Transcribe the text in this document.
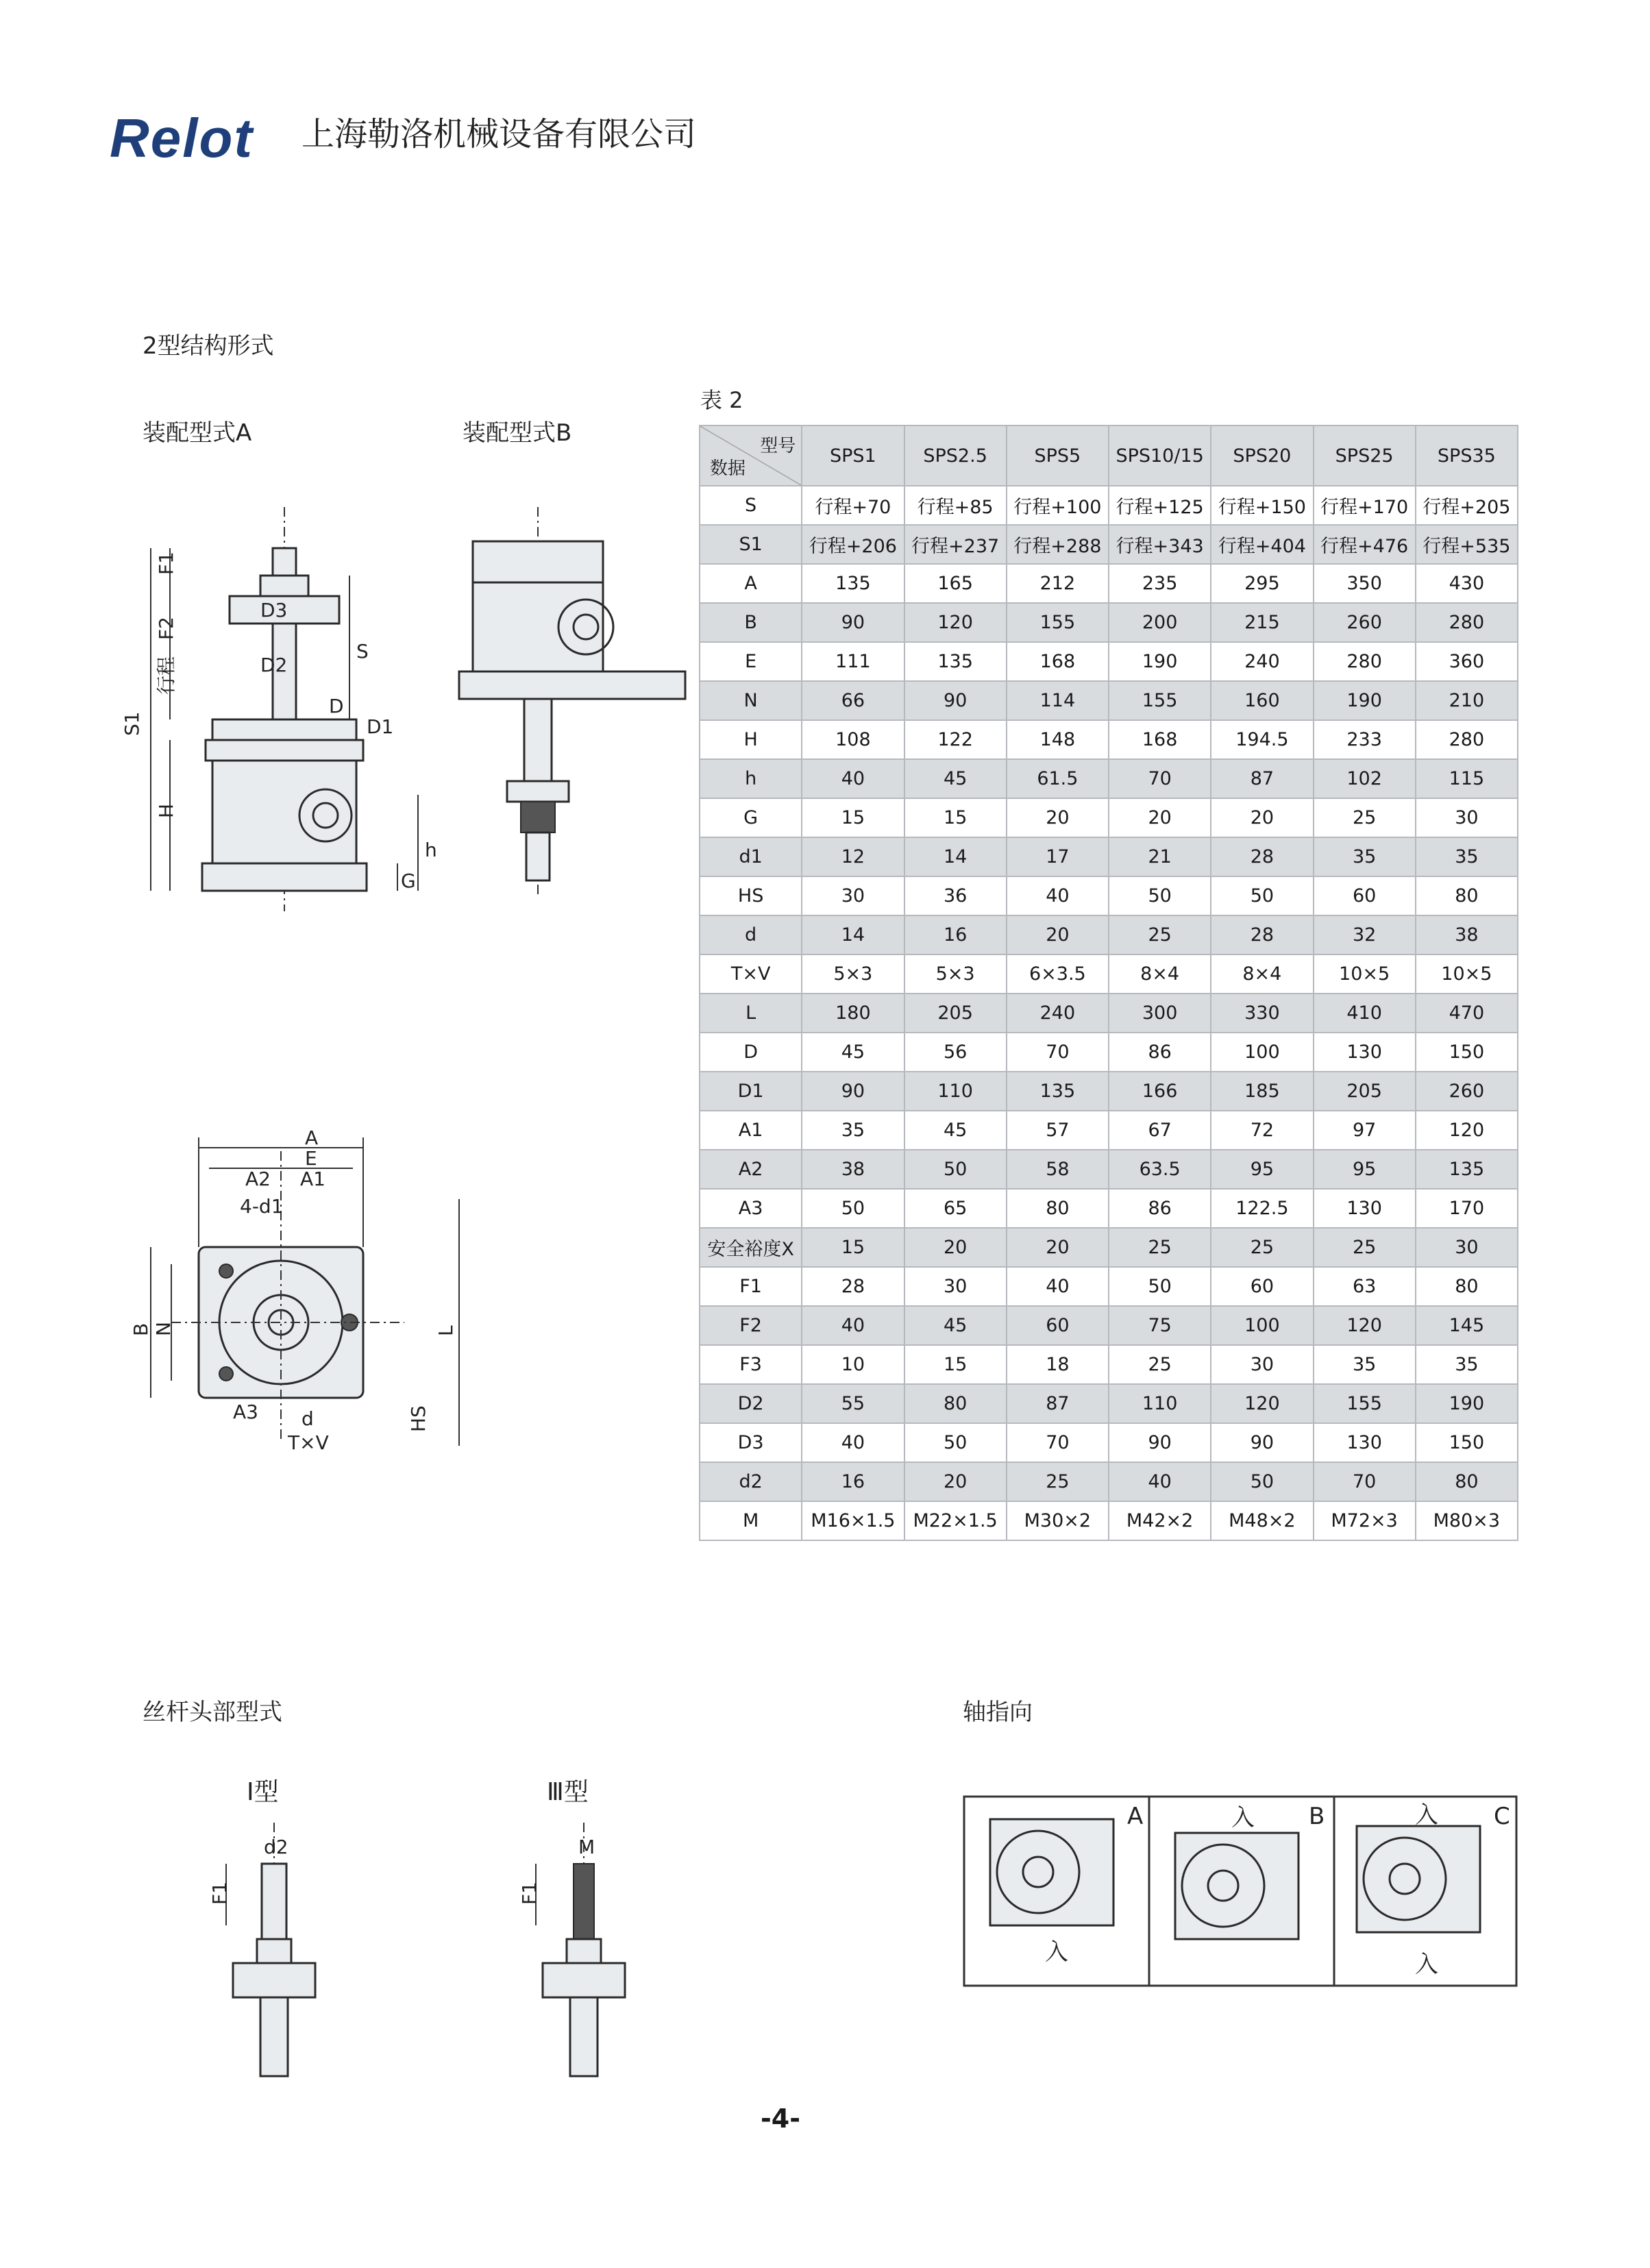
Relot 上海勒洛机械设备有限公司
2型结构形式
装配型式A	装配型式B
表 2
S1
F1
F2
行程
H
D3
D2
S
D
D1
h
G
A
E
A2 A1
4-d1
B N	L
A3 d
T×V
HS
型号
数据	SPS1	SPS2.5	SPS5	SPS10/15	SPS20	SPS25	SPS35
S	行程+70	行程+85	行程+100	行程+125	行程+150	行程+170	行程+205
S1	行程+206	行程+237	行程+288	行程+343	行程+404	行程+476	行程+535
A	135	165	212	235	295	350	430
B	90	120	155	200	215	260	280
E	111	135	168	190	240	280	360
N	66	90	114	155	160	190	210
H	108	122	148	168	194.5	233	280
h	40	45	61.5	70	87	102	115
G	15	15	20	20	20	25	30
d1	12	14	17	21	28	35	35
HS	30	36	40	50	50	60	80
d	14	16	20	25	28	32	38
T×V	5×3	5×3	6×3.5	8×4	8×4	10×5	10×5
L	180	205	240	300	330	410	470
D	45	56	70	86	100	130	150
D1	90	110	135	166	185	205	260
A1	35	45	57	67	72	97	120
A2	38	50	58	63.5	95	95	135
A3	50	65	80	86	122.5	130	170
安全裕度X	15	20	20	25	25	25	30
F1	28	30	40	50	60	63	80
F2	40	45	60	75	100	120	145
F3	10	15	18	25	30	35	35
D2	55	80	87	110	120	155	190
D3	40	50	70	90	90	130	150
d2	16	20	25	40	50	70	80
M	M16×1.5	M22×1.5	M30×2	M42×2	M48×2	M72×3	M80×3
丝杆头部型式
Ⅰ型	Ⅲ型
F1
d2
F1
M
轴指向
A	B	C
入
入	入
入
-4-
